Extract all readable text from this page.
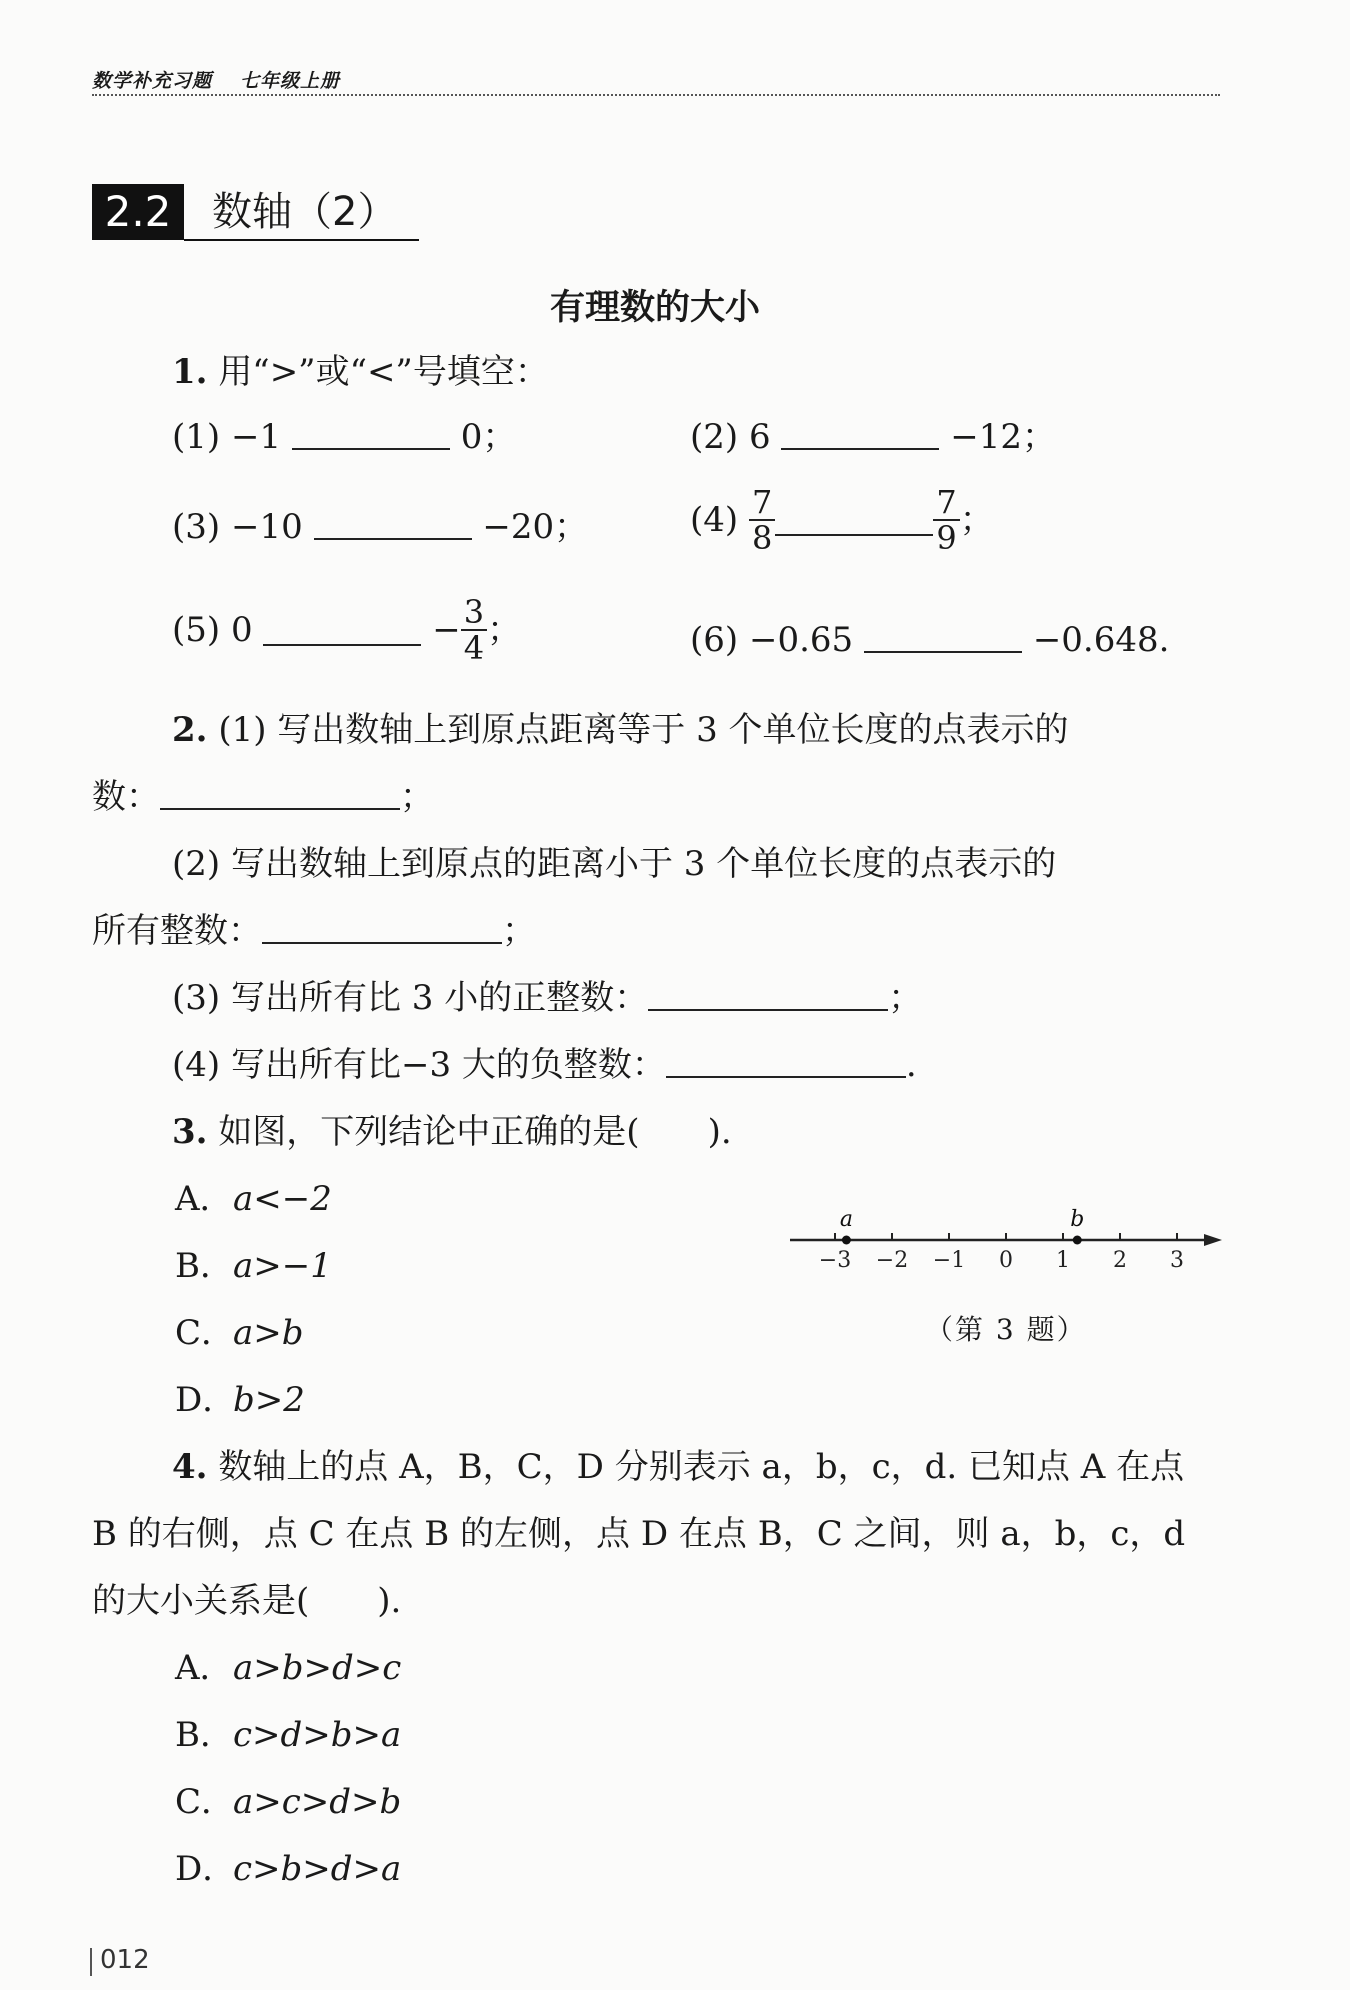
数学补充习题 七年级上册
2.2	数轴（2）
有理数的大小
1. 用“>”或“<”号填空：
(1) −1	0；	(2) 6	−12；
(3) −10	−20；	$(4) \frac{7}{8}$	$\frac{7}{9}$ ；
(5) 0	− $\frac{3}{4}$ ；	(6) −0.65	−0.648.
2. (1) 写出数轴上到原点距离等于 3 个单位长度的点表示的
数：	；
(2) 写出数轴上到原点的距离小于 3 个单位长度的点表示的
所有整数：	；
(3) 写出所有比 3 小的正整数：	；
(4) 写出所有比−3 大的负整数：	.
3. 如图，下列结论中正确的是(　　).
A．a<−2
B．a>−1
C．a>b
D．b>2
−3 −2 −1 0 1 2 3
a	b
（第 3 题）
4. 数轴上的点 A，B，C，D 分别表示 a，b，c，d. 已知点 A 在点
B 的右侧，点 C 在点 B 的左侧，点 D 在点 B，C 之间，则 a，b，c，d
的大小关系是(　　).
A．a>b>d>c
B．c>d>b>a
C．a>c>d>b
D．c>b>d>a
012
